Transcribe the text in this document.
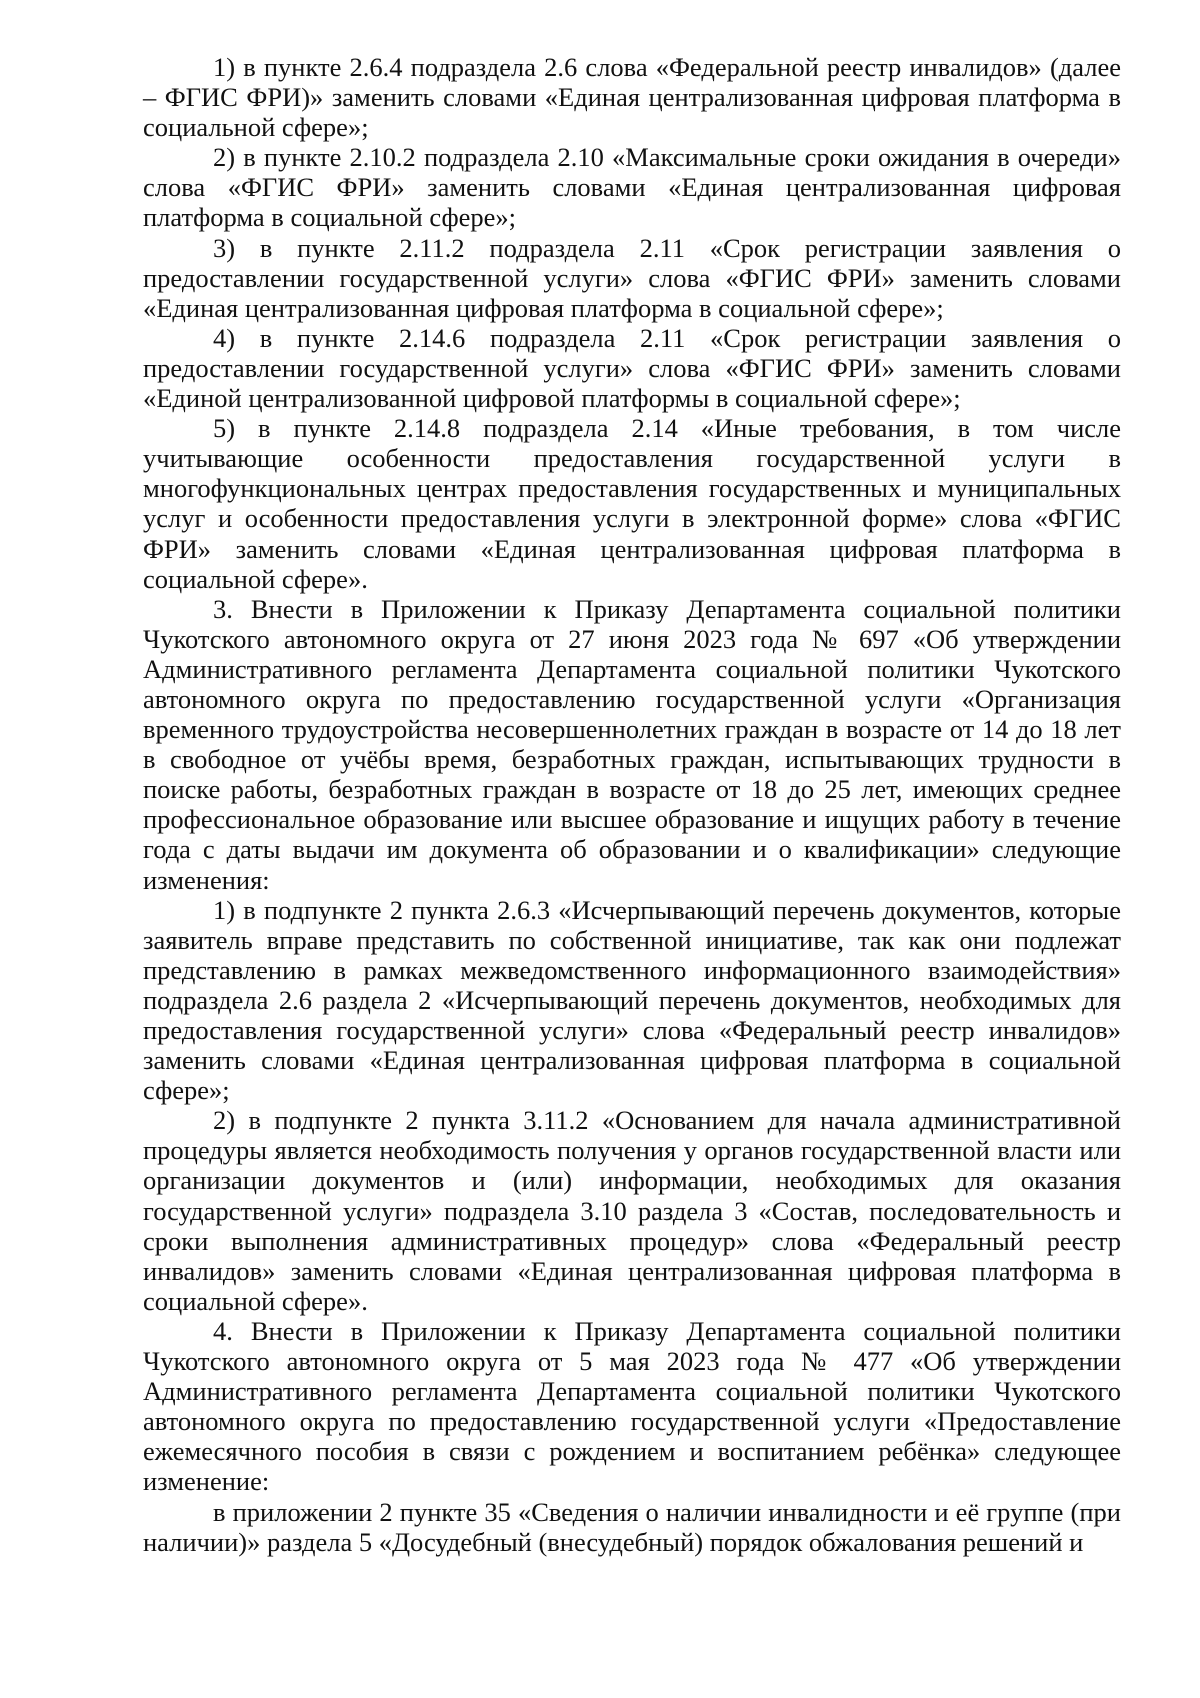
1) в пункте 2.6.4 подраздела 2.6 слова «Федеральной реестр инвалидов» (далее – ФГИС ФРИ)» заменить словами «Единая централизованная цифровая платформа в социальной сфере»;

2) в пункте 2.10.2 подраздела 2.10 «Максимальные сроки ожидания в очереди» слова «ФГИС ФРИ» заменить словами «Единая централизованная цифровая платформа в социальной сфере»;

3) в пункте 2.11.2 подраздела 2.11 «Срок регистрации заявления о предоставлении государственной услуги» слова «ФГИС ФРИ» заменить словами «Единая централизованная цифровая платформа в социальной сфере»;

4) в пункте 2.14.6 подраздела 2.11 «Срок регистрации заявления о предоставлении государственной услуги» слова «ФГИС ФРИ» заменить словами «Единой централизованной цифровой платформы в социальной сфере»;

5) в пункте 2.14.8 подраздела 2.14 «Иные требования, в том числе учитывающие особенности предоставления государственной услуги в многофункциональных центрах предоставления государственных и муниципальных услуг и особенности предоставления услуги в электронной форме» слова «ФГИС ФРИ» заменить словами «Единая централизованная цифровая платформа в социальной сфере».

3. Внести в Приложении к Приказу Департамента социальной политики Чукотского автономного округа от 27 июня 2023 года № 697 «Об утверждении Административного регламента Департамента социальной политики Чукотского автономного округа по предоставлению государственной услуги «Организация временного трудоустройства несовершеннолетних граждан в возрасте от 14 до 18 лет в свободное от учёбы время, безработных граждан, испытывающих трудности в поиске работы, безработных граждан в возрасте от 18 до 25 лет, имеющих среднее профессиональное образование или высшее образование и ищущих работу в течение года с даты выдачи им документа об образовании и о квалификации» следующие изменения:

1) в подпункте 2 пункта 2.6.3 «Исчерпывающий перечень документов, которые заявитель вправе представить по собственной инициативе, так как они подлежат представлению в рамках межведомственного информационного взаимодействия» подраздела 2.6 раздела 2 «Исчерпывающий перечень документов, необходимых для предоставления государственной услуги» слова «Федеральный реестр инвалидов» заменить словами «Единая централизованная цифровая платформа в социальной сфере»;

2) в подпункте 2 пункта 3.11.2 «Основанием для начала административной процедуры является необходимость получения у органов государственной власти или организации документов и (или) информации, необходимых для оказания государственной услуги» подраздела 3.10 раздела 3 «Состав, последовательность и сроки выполнения административных процедур» слова «Федеральный реестр инвалидов» заменить словами «Единая централизованная цифровая платформа в социальной сфере».

4. Внести в Приложении к Приказу Департамента социальной политики Чукотского автономного округа от 5 мая 2023 года № 477 «Об утверждении Административного регламента Департамента социальной политики Чукотского автономного округа по предоставлению государственной услуги «Предоставление ежемесячного пособия в связи с рождением и воспитанием ребёнка» следующее изменение:

в приложении 2 пункте 35 «Сведения о наличии инвалидности и её группе (при наличии)» раздела 5 «Досудебный (внесудебный) порядок обжалования решений и
